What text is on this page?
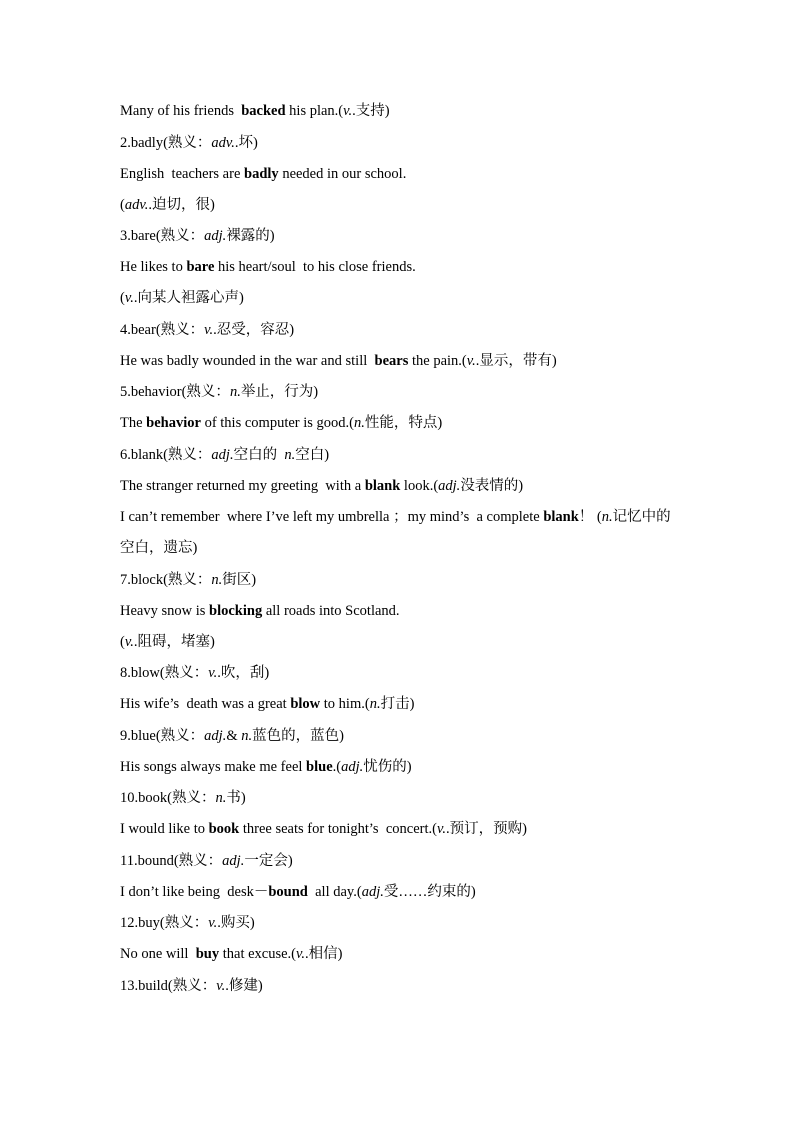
Many of his friends  backed his plan.(v..支持)
2.badly(熟义：adv..坏)
English  teachers are badly needed in our school.
(adv..迫切，很)
3.bare(熟义：adj.裸露的)
He likes to bare his heart/soul  to his close friends.
(v..向某人袒露心声)
4.bear(熟义：v..忍受，容忍)
He was badly wounded in the war and still  bears the pain.(v..显示，带有)
5.behavior(熟义：n.举止，行为)
The behavior of this computer is good.(n.性能，特点)
6.blank(熟义：adj.空白的  n.空白)
The stranger returned my greeting  with a blank look.(adj.没表情的)
I can’t remember  where I’ve left my umbrella ；my mind’s  a complete blank！ (n.记忆中的空白，遗忘)
7.block(熟义：n.街区)
Heavy snow is blocking all roads into Scotland.
(v..阻碍，堵塞)
8.blow(熟义：v..吹，刮)
His wife’s  death was a great blow to him.(n.打击)
9.blue(熟义：adj.& n.蓝色的，蓝色)
His songs always make me feel blue.(adj.忧伤的)
10.book(熟义：n.书)
I would like to book three seats for tonight’s  concert.(v..预订，预购)
11.bound(熟义：adj.一定会)
I don’t like being  desk－bound  all day.(adj.受……约束的)
12.buy(熟义：v..购买)
No one will  buy that excuse.(v..相信)
13.build(熟义：v..修建)
